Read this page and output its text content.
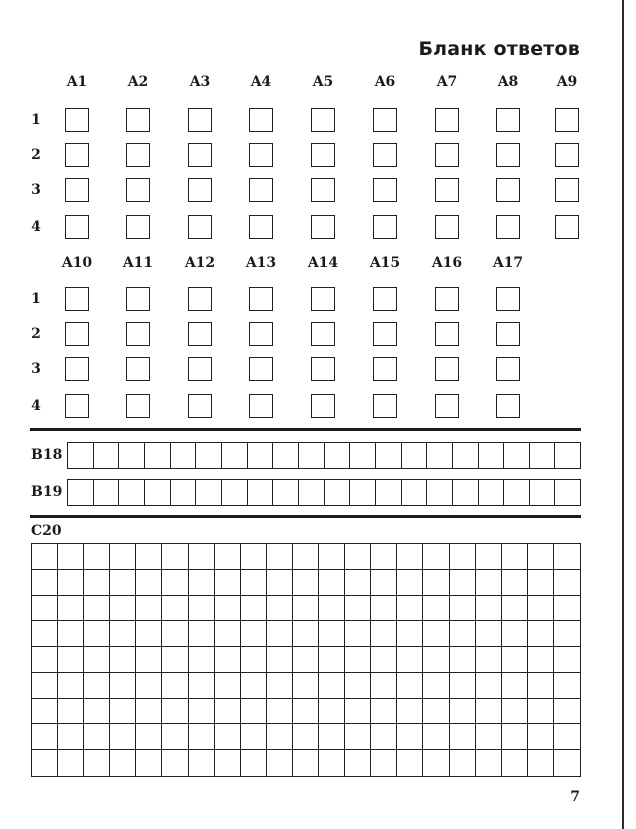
Бланк ответов
A1	A2	A3	A4	A5	A6	A7	A8	A9
1
2
3
4
A10	A11	A12	A13	A14	A15	A16	A17
1
2
3
4
B18
B19
C20
7
